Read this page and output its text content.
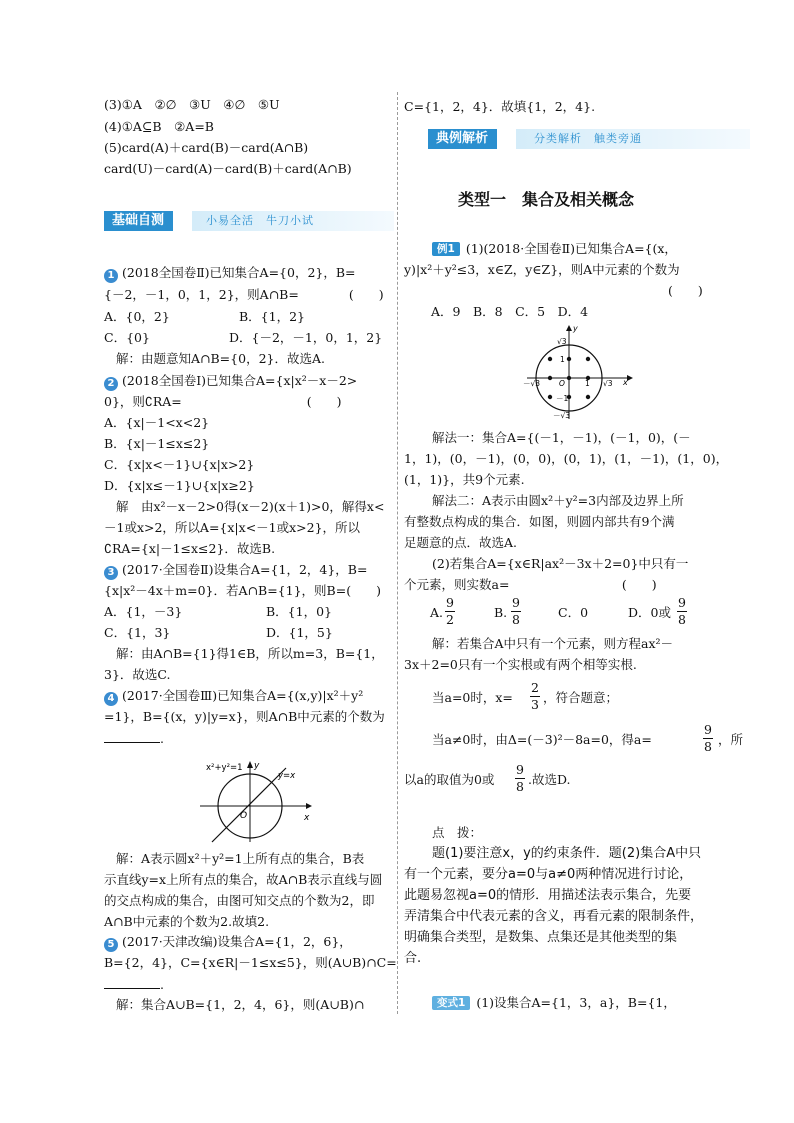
(3)①A　②∅　③U　④∅　⑤U
(4)①A⊆B　②A=B
(5)card(A)＋card(B)－card(A∩B)
card(U)－card(A)－card(B)＋card(A∩B)
基础自测	小易全活　牛刀小试
1 (2018全国卷Ⅱ)已知集合A={0，2}，B=
{－2，－1，0，1，2}，则A∩B=　　　　(　　)
A．{0，2}	B．{1，2}
C．{0}	D．{－2，－1，0，1，2}
解：由题意知A∩B={0，2}．故选A.
2 (2018全国卷Ⅰ)已知集合A={x|x²－x－2>
0}，则∁RA=　　　　　　　　　　(　　)
A．{x|－1<x<2}
B．{x|－1≤x≤2}
C．{x|x<－1}∪{x|x>2}
D．{x|x≤－1}∪{x|x≥2}
解　由x²－x－2>0得(x－2)(x＋1)>0，解得x<
－1或x>2，所以A={x|x<－1或x>2}，所以
∁RA={x|－1≤x≤2}．故选B.
3 (2017·全国卷Ⅱ)设集合A={1，2，4}，B=
{x|x²－4x＋m=0}．若A∩B={1}，则B=(　　)
A．{1，－3}	B．{1，0}
C．{1，3}	D．{1，5}
解：由A∩B={1}得1∈B，所以m=3，B={1，
3}．故选C.
4 (2017·全国卷Ⅲ)已知集合A={(x,y)|x²＋y²
=1}，B={(x，y)|y=x}，则A∩B中元素的个数为
.
x²+y²=1 y
y=x
O	x
解：A表示圆x²＋y²=1上所有点的集合，B表
示直线y=x上所有点的集合，故A∩B表示直线与圆
的交点构成的集合，由图可知交点的个数为2，即
A∩B中元素的个数为2.故填2.
5 (2017·天津改编)设集合A={1，2，6}，
B={2，4}，C={x∈R|－1≤x≤5}，则(A∪B)∩C=
.
解：集合A∪B={1，2，4，6}，则(A∪B)∩
C={1，2，4}．故填{1，2，4}.
典例解析	分类解析　触类旁通
类型一　集合及相关概念
例1 (1)(2018·全国卷Ⅱ)已知集合A={(x，
y)|x²＋y²≤3，x∈Z，y∈Z}，则A中元素的个数为
(　　)
A．9　B．8　C．5　D．4
y
√3
1
－√3	O	1 √3 x
－1
－√3
解法一：集合A={(－1，－1)，(－1，0)，(－
1，1)，(0，－1)，(0，0)，(0，1)，(1，－1)，(1，0)，
(1，1)}，共9个元素.
解法二：A表示由圆x²＋y²=3内部及边界上所
有整数点构成的集合．如图，则圆内部共有9个满
足题意的点．故选A.
(2)若集合A={x∈R|ax²－3x＋2=0}中只有一
个元素，则实数a=　　　　　　　　　(　　)
A.
9
2	B.
9
8	C．0	D．0或
9
8
解：若集合A中只有一个元素，则方程ax²－
3x＋2=0只有一个实根或有两个相等实根.
当a=0时，x=
2
3 ，符合题意；
当a≠0时，由Δ=(－3)²－8a=0，得a=
9
8 ，所
以a的取值为0或
9
8 .故选D.
点　拨：
题(1)要注意x，y的约束条件．题(2)集合A中只
有一个元素，要分a=0与a≠0两种情况进行讨论，
此题易忽视a=0的情形．用描述法表示集合，先要
弄清集合中代表元素的含义，再看元素的限制条件，
明确集合类型，是数集、点集还是其他类型的集
合.
变式1 (1)设集合A={1，3，a}，B={1，
